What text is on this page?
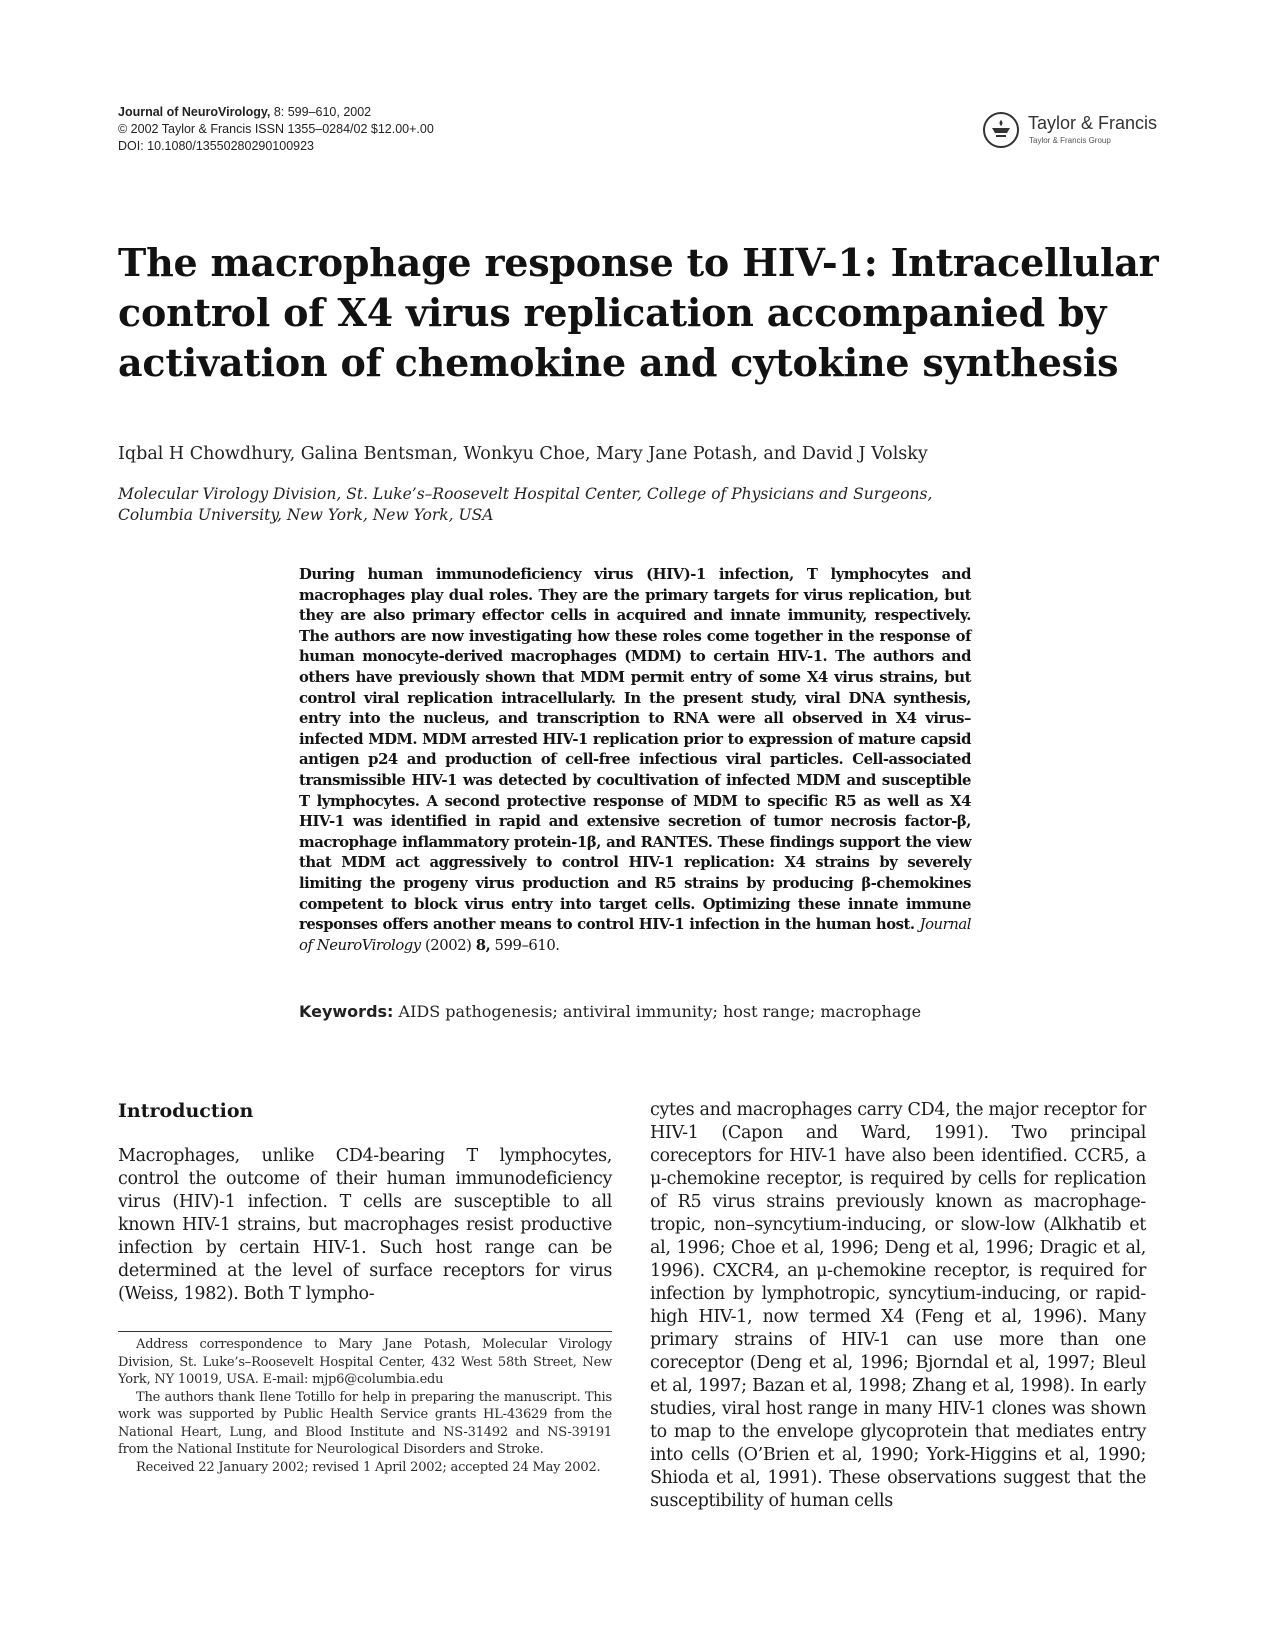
Journal of NeuroVirology, 8: 599–610, 2002
© 2002 Taylor & Francis ISSN 1355–0284/02 $12.00+.00
DOI: 10.1080/13550280290100923
Taylor & Francis
Taylor & Francis Group
The macrophage response to HIV-1: Intracellular
control of X4 virus replication accompanied by
activation of chemokine and cytokine synthesis
Iqbal H Chowdhury, Galina Bentsman, Wonkyu Choe, Mary Jane Potash, and David J Volsky
Molecular Virology Division, St. Luke’s–Roosevelt Hospital Center, College of Physicians and Surgeons,
Columbia University, New York, New York, USA

During human immunodeficiency virus (HIV)-1 infection, T lymphocytes and macrophages play dual roles. They are the primary targets for virus replication, but they are also primary effector cells in acquired and innate immunity, respectively. The authors are now investigating how these roles come together in the response of human monocyte-derived macrophages (MDM) to certain HIV-1. The authors and others have previously shown that MDM permit entry of some X4 virus strains, but control viral replication intracellularly. In the present study, viral DNA synthesis, entry into the nucleus, and transcription to RNA were all observed in X4 virus–infected MDM. MDM arrested HIV-1 replication prior to expression of mature capsid antigen p24 and production of cell-free infectious viral particles. Cell-associated transmissible HIV-1 was detected by cocultivation of infected MDM and susceptible T lymphocytes. A second protective response of MDM to specific R5 as well as X4 HIV-1 was identified in rapid and extensive secretion of tumor necrosis factor-β, macrophage inflammatory protein-1β, and RANTES. These findings support the view that MDM act aggressively to control HIV-1 replication: X4 strains by severely limiting the progeny virus production and R5 strains by producing β-chemokines competent to block virus entry into target cells. Optimizing these innate immune responses offers another means to control HIV-1 infection in the human host. Journal of NeuroVirology (2002) 8, 599–610.

Keywords: AIDS pathogenesis; antiviral immunity; host range; macrophage
Introduction

Macrophages, unlike CD4-bearing T lymphocytes, control the outcome of their human immunodeficiency virus (HIV)-1 infection. T cells are susceptible to all known HIV-1 strains, but macrophages resist productive infection by certain HIV-1. Such host range can be determined at the level of surface receptors for virus (Weiss, 1982). Both T lympho-

Address correspondence to Mary Jane Potash, Molecular Virology Division, St. Luke’s–Roosevelt Hospital Center, 432 West 58th Street, New York, NY 10019, USA. E-mail: mjp6@columbia.edu

The authors thank Ilene Totillo for help in preparing the manuscript. This work was supported by Public Health Service grants HL-43629 from the National Heart, Lung, and Blood Institute and NS-31492 and NS-39191 from the National Institute for Neurological Disorders and Stroke.

Received 22 January 2002; revised 1 April 2002; accepted 24 May 2002.

cytes and macrophages carry CD4, the major receptor for HIV-1 (Capon and Ward, 1991). Two principal coreceptors for HIV-1 have also been identified. CCR5, a μ-chemokine receptor, is required by cells for replication of R5 virus strains previously known as macrophage-tropic, non–syncytium-inducing, or slow-low (Alkhatib et al, 1996; Choe et al, 1996; Deng et al, 1996; Dragic et al, 1996). CXCR4, an μ-chemokine receptor, is required for infection by lymphotropic, syncytium-inducing, or rapid-high HIV-1, now termed X4 (Feng et al, 1996). Many primary strains of HIV-1 can use more than one coreceptor (Deng et al, 1996; Bjorndal et al, 1997; Bleul et al, 1997; Bazan et al, 1998; Zhang et al, 1998). In early studies, viral host range in many HIV-1 clones was shown to map to the envelope glycoprotein that mediates entry into cells (O’Brien et al, 1990; York-Higgins et al, 1990; Shioda et al, 1991). These observations suggest that the susceptibility of human cells
